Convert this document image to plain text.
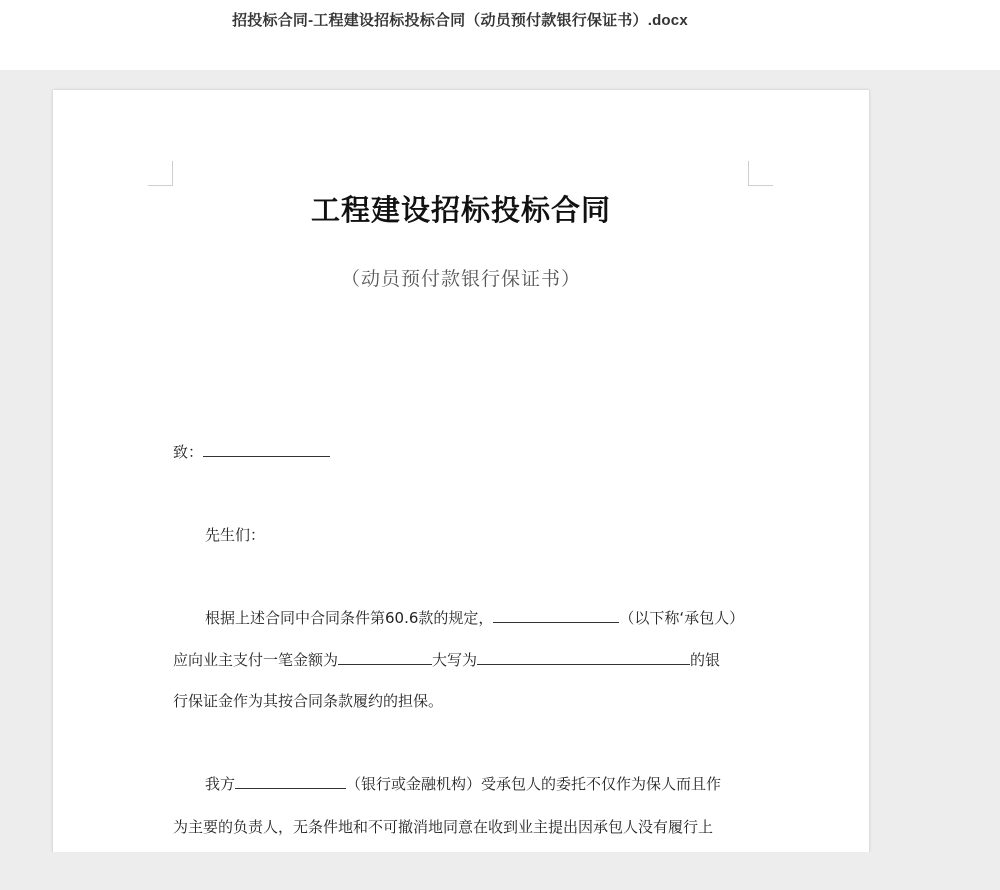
招投标合同-工程建设招标投标合同（动员预付款银行保证书）.docx
工程建设招标投标合同
（动员预付款银行保证书）
致：
先生们：
根据上述合同中合同条件第60.6款的规定，	（以下称‘承包人）
应向业主支付一笔金额为	大写为	的银
行保证金作为其按合同条款履约的担保。
我方	（银行或金融机构）受承包人的委托不仅作为保人而且作
为主要的负责人，无条件地和不可撤消地同意在收到业主提出因承包人没有履行上
